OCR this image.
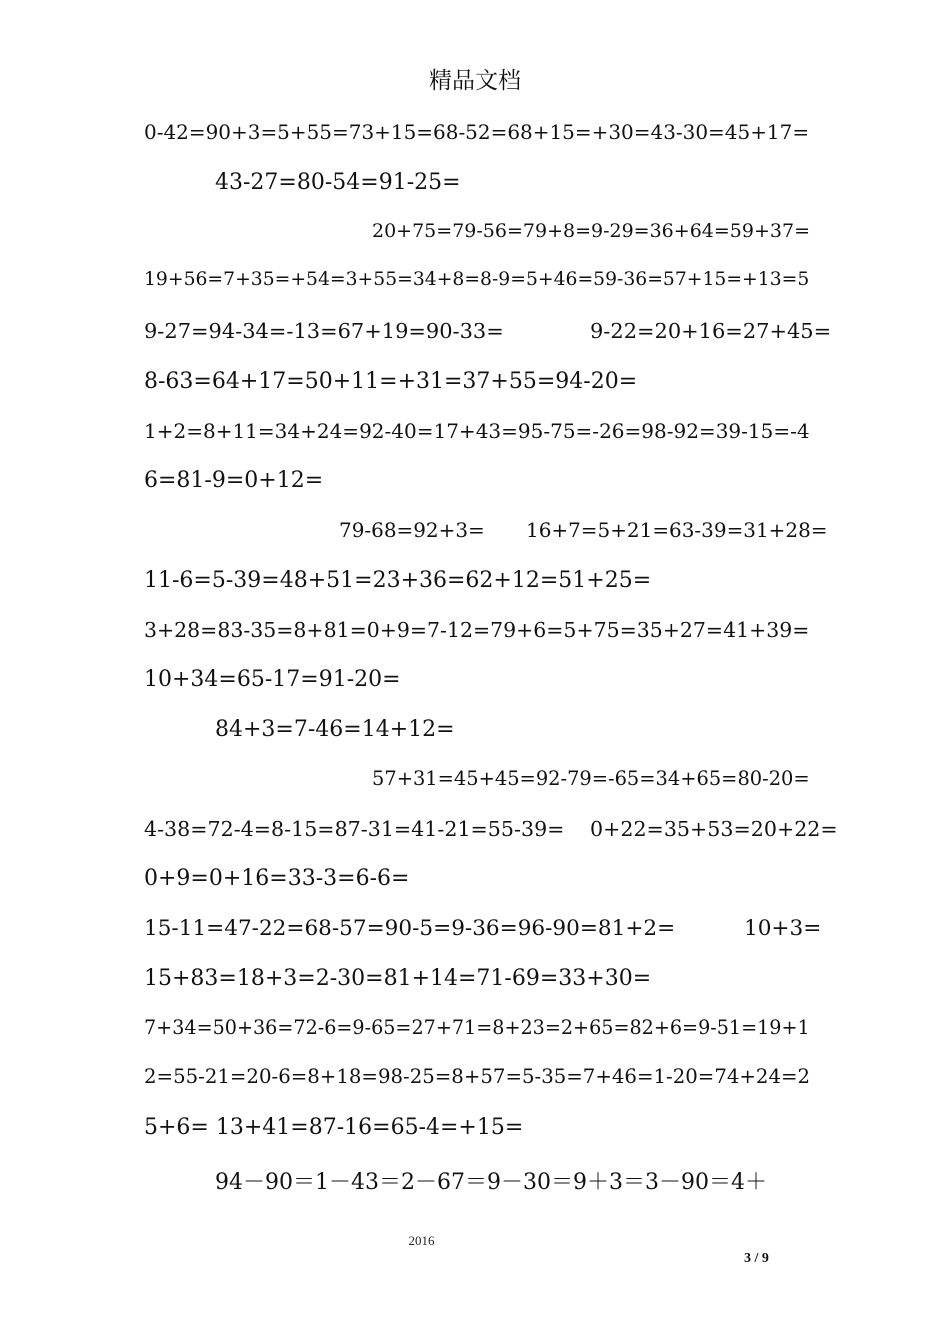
精品文档

0-42=90+3=5+55=73+15=68-52=68+15=+30=43-30=45+17=

43-27=80-54=91-25=

20+75=79-56=79+8=9-29=36+64=59+37=

19+56=7+35=+54=3+55=34+8=8-9=5+46=59-36=57+15=+13=5

9-27=94-34=-13=67+19=90-33=

	9-22=20+16=27+45=

8-63=64+17=50+11=+31=37+55=94-20=

1+2=8+11=34+24=92-40=17+43=95-75=-26=98-92=39-15=-4

6=81-9=0+12=

79-68=92+3=

16+7=5+21=63-39=31+28=

11-6=5-39=48+51=23+36=62+12=51+25=

3+28=83-35=8+81=0+9=7-12=79+6=5+75=35+27=41+39=

10+34=65-17=91-20=

84+3=7-46=14+12=

57+31=45+45=92-79=-65=34+65=80-20=

4-38=72-4=8-15=87-31=41-21=55-39=

0+22=35+53=20+22=

0+9=0+16=33-3=6-6=

15-11=47-22=68-57=90-5=9-36=96-90=81+2=

	10+3=

15+83=18+3=2-30=81+14=71-69=33+30=

7+34=50+36=72-6=9-65=27+71=8+23=2+65=82+6=9-51=19+1

2=55-21=20-6=8+18=98-25=8+57=5-35=7+46=1-20=74+24=2

5+6= 13+41=87-16=65-4=+15=

94－90＝1－43＝2－67＝9－30＝9＋3＝3－90＝4＋

2016
3 / 9
